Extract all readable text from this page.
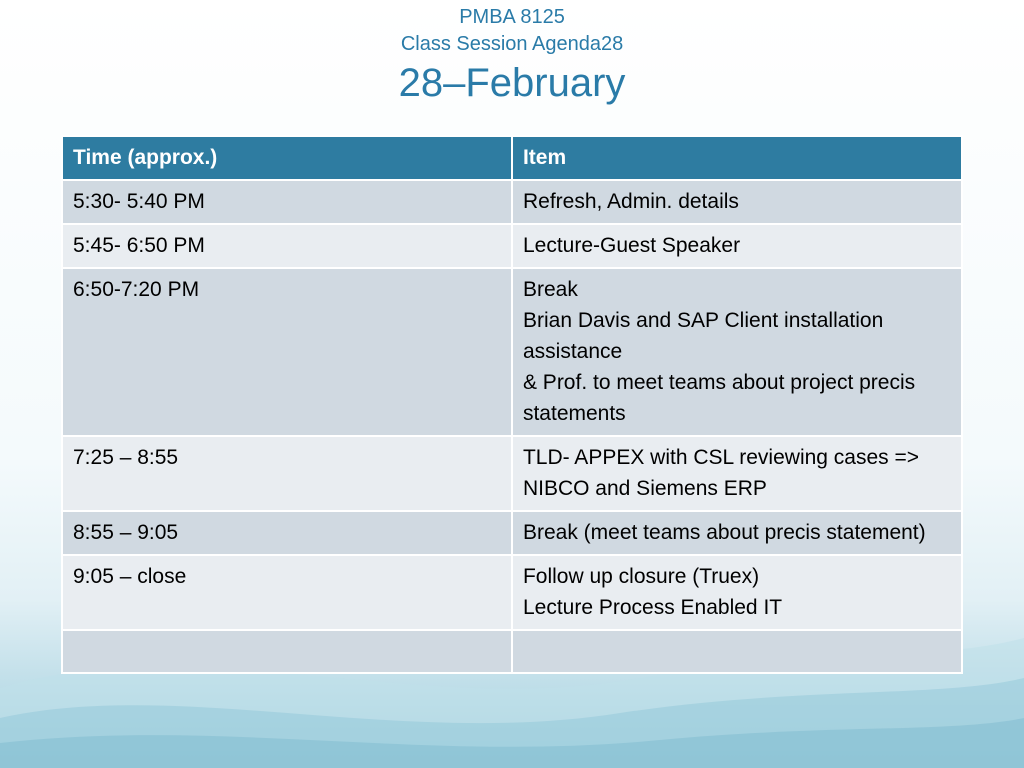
PMBA 8125
Class Session Agenda28
28–February
Time (approx.)	Item
5:30- 5:40 PM	Refresh, Admin. details

5:45- 6:50 PM	Lecture-Guest Speaker

6:50-7:20 PM	Break
Brian Davis and SAP Client installation assistance
& Prof. to meet teams about project precis statements

7:25 – 8:55	TLD- APPEX with CSL reviewing cases => NIBCO and Siemens ERP

8:55 – 9:05	Break (meet teams about precis statement)

9:05 – close	Follow up closure (Truex)
Lecture Process Enabled IT
